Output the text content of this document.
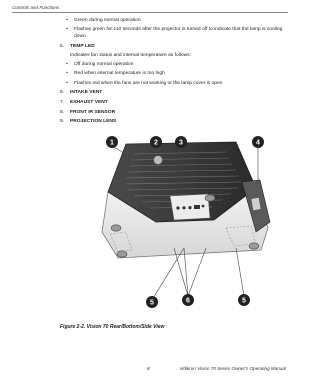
Controls and Functions
• Green during normal operation
• Flashes green for 110 seconds after the projector is turned off to indicate that the lamp is cooling down
5. TEMP LED
Indicates fan status and internal temperature as follows:
• Off during normal operation
• Red when internal temperature is too high
• Flashes red when the fans are not working or the lamp cover is open
6. INTAKE VENT
7. EXHAUST VENT
8. FRONT IR SENSOR
9. PROJECTION LENS
1	2	3	4
5	6	5
Figure 2-2. Vision 70 Rear/Bottom/Side View
8	Vidikron Vision 70 Series Owner's Operating Manual
